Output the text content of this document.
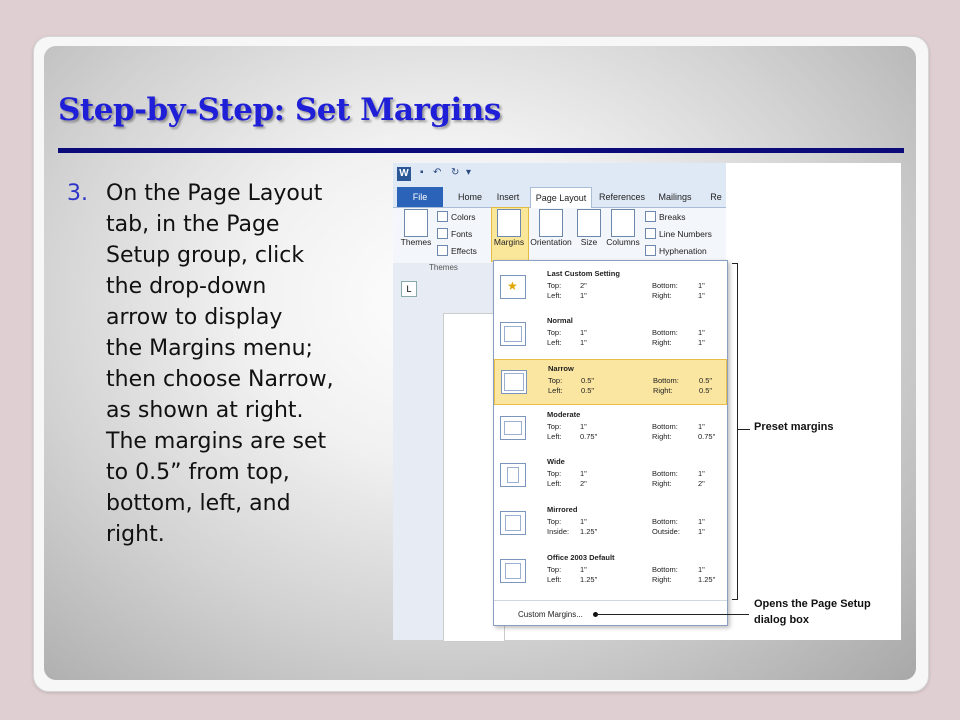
Step-by-Step: Set Margins
3. On the Page Layout
tab, in the Page
Setup group, click
the drop-down
arrow to display
the Margins menu;
then choose Narrow,
as shown at right.
The margins are set
to 0.5” from top,
bottom, left, and
right.
L
W ▪ ↶ ↻ ▾
File	Home	Insert	Page Layout	References	Mailings	Re
Themes
Colors
Fonts
Effects
Themes
Margins Orientation	Size	Columns
Breaks
Line Numbers
Hyphenation
★
Last Custom Setting
Top:	2"	Bottom:	1"
Left: 1"	Right:	1"
Normal
Top:	1"	Bottom:	1"
Left: 1"	Right:	1"
Narrow
Top:	0.5"	Bottom:	0.5"
Left: 0.5"	Right:	0.5"
Moderate
Top:	1"	Bottom:	1"
Left: 0.75"	Right:	0.75"
Wide
Top:	1"	Bottom:	1"
Left: 2"	Right:	2"
Mirrored
Top:	1"	Bottom:	1"
Inside: 1.25"	Outside: 1"
Office 2003 Default
Top:	1"	Bottom:	1"
Left: 1.25"	Right:	1.25"
Custom Margins...
Preset margins
Opens the Page Setup
dialog box
